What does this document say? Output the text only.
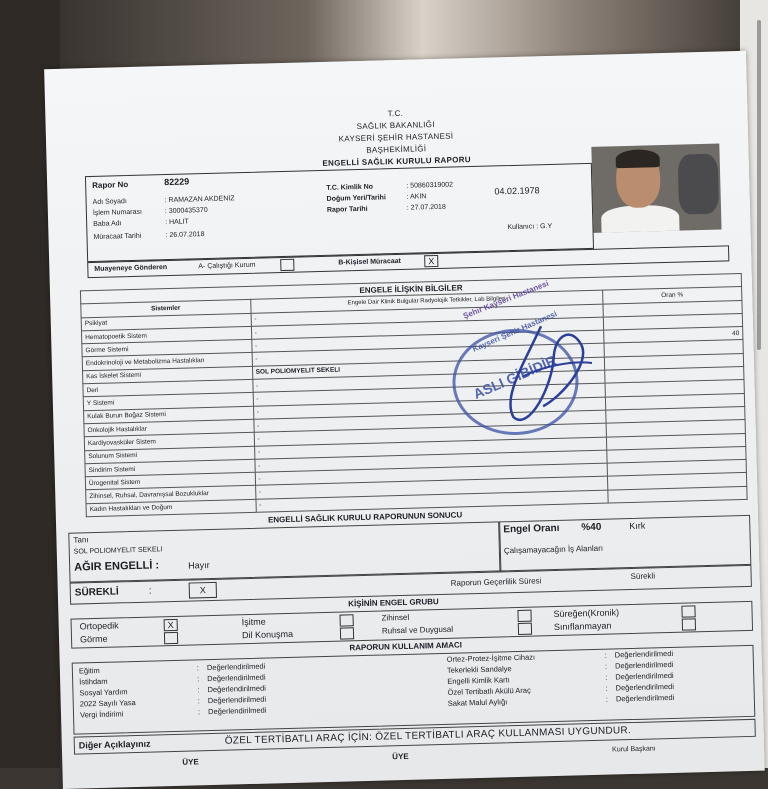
T.C.
SAĞLIK BAKANLIĞI
KAYSERİ ŞEHİR HASTANESİ
BAŞHEKİMLİĞİ
ENGELLİ SAĞLIK KURULU RAPORU
Rapor No	82229
Adı Soyadı	: RAMAZAN AKDENIZ
İşlem Numarası	: 3000435370
Baba Adı	: HALIT
Müracaat Tarihi	: 26.07.2018
T.C. Kimlik No	: 50860319002
Doğum Yeri/Tarihi	: AKIN
04.02.1978
Rapor Tarihi	: 27.07.2018
Kullanıcı : G.Y
Muayeneye Gönderen	A- Çalıştığı Kurum	B-Kişisel Müracaat	X
ENGELE İLİŞKİN BİLGİLER		
Sistemler	Engele Dair Klinik Bulgular Radyolojik Tetkikler, Lab Bilgileri	Oran %
Psikiyat	-	
Hematopoetik Sistem	-	
Görme Sistemi	-	40
Endokrinoloji ve Metabolizma Hastalıkları	-	
Kas İskelet Sistemi	SOL POLIOMYELIT SEKELI	
Deri	-	
Y Sistemi	-	
Kulak Burun Boğaz Sistemi	-	
Onkolojik Hastalıklar	-	
Kardiyovasküler Sistem	-	
Solunum Sistemi	-	
Sindirim Sistemi	-	
Ürogenital Sistem	-	
Zihinsel, Ruhsal, Davranışsal Bozukluklar	-	
Kadın Hastalıkları ve Doğum	-	
ASLI GİBİDİR
Kayseri Şehir Hastanesi
Şehir Kayseri Hastanesi
ENGELLİ SAĞLIK KURULU RAPORUNUN SONUCU
Tanı
SOL POLIOMYELIT SEKELI
AĞIR ENGELLİ :	Hayır
Engel Oranı %40	Kırk
Çalışamayacağın İş Alanları
SÜREKLİ	:	X
Raporun Geçerlilik Süresi
Sürekli
KİŞİNİN ENGEL GRUBU
Ortopedik	X
Görme
İşitme
Dil Konuşma
Zihinsel
Ruhsal ve Duygusal
Süreğen(Kronik)
Sınıflanmayan
RAPORUN KULLANIM AMACI
Eğitim	:	Değerlendirilmedi
İstihdam	:	Değerlendirilmedi
Sosyal Yardım	:	Değerlendirilmedi
2022 Sayılı Yasa	:	Değerlendirilmedi
Vergi İndirimi	:	Değerlendirilmedi
Ortez-Protez-İşitme Cihazı	:	Değerlendirilmedi
Tekerlekli Sandalye	:	Değerlendirilmedi
Engelli Kimlik Kartı	:	Değerlendirilmedi
Özel Tertibatlı Akülü Araç	:	Değerlendirilmedi
Sakat Malul Aylığı	:	Değerlendirilmedi
Diğer Açıklayınız	ÖZEL TERTİBATLI ARAÇ İÇİN: ÖZEL TERTİBATLI ARAÇ KULLANMASI UYGUNDUR.
ÜYE
ÜYE
Kurul Başkanı
